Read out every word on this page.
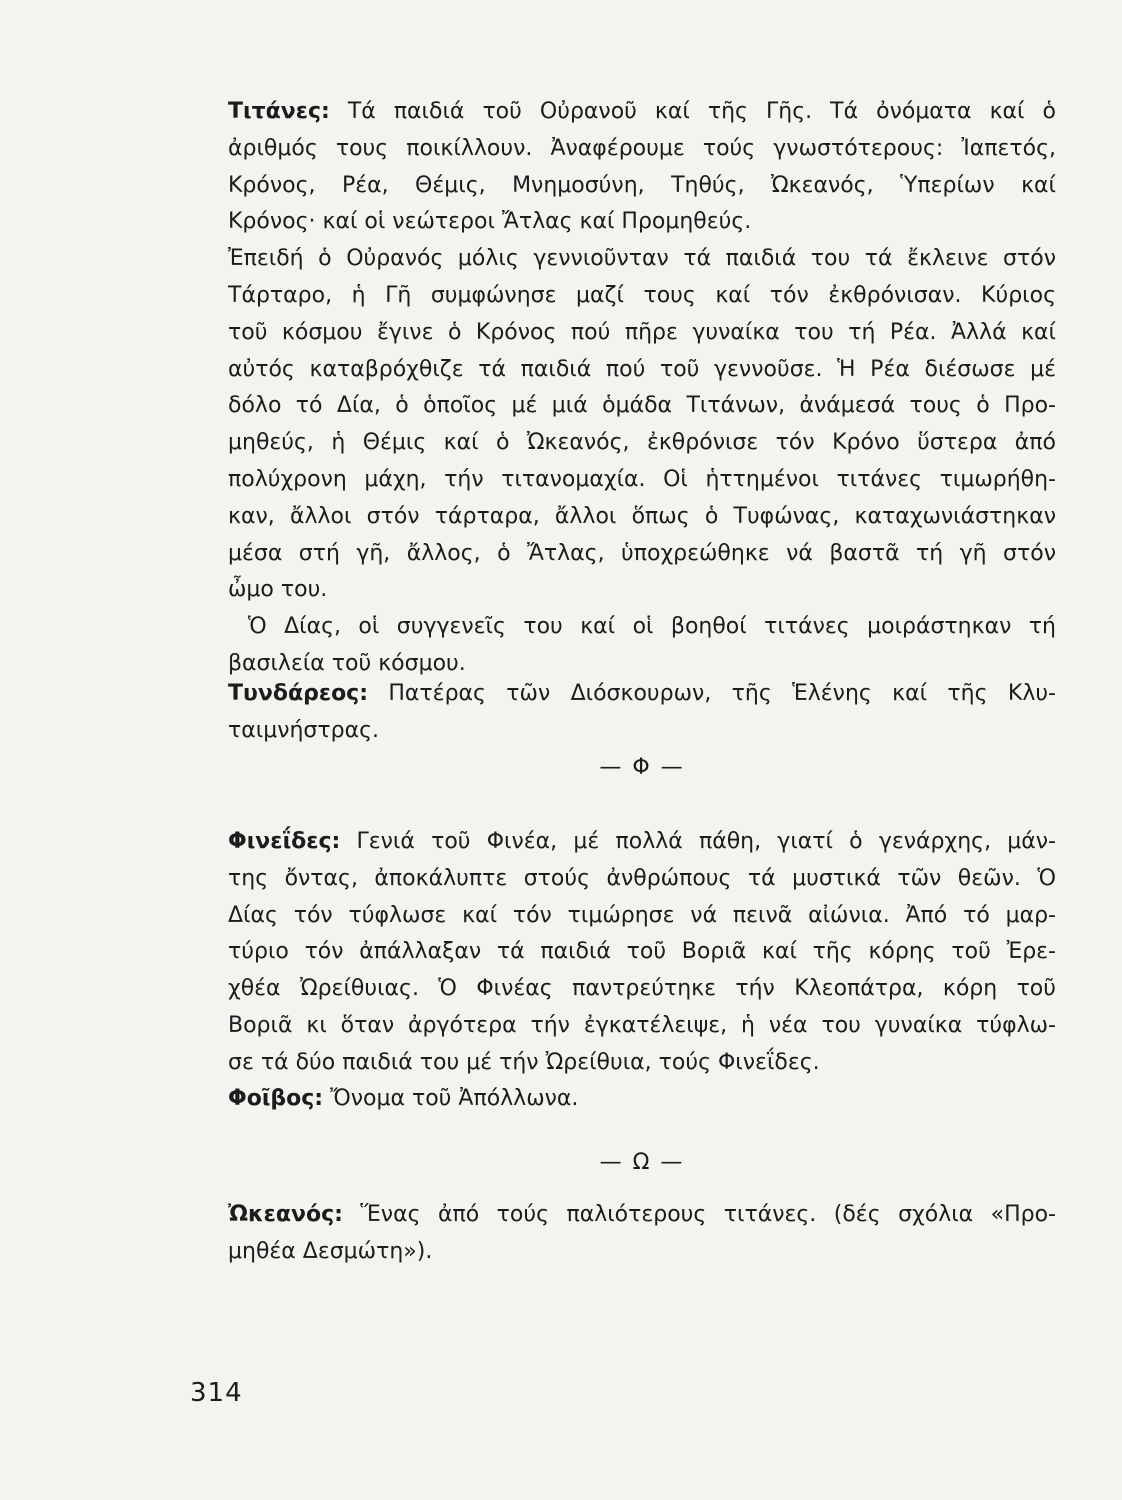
Τιτάνες: Τά παιδιά τοῦ Οὐρανοῦ καί τῆς Γῆς. Τά ὀνόματα καί ὁ
ἀριθμός τους ποικίλλουν. Ἀναφέρουμε τούς γνωστότερους: Ἰαπετός,
Κρόνος, Ρέα, Θέμις, Μνημοσύνη, Τηθύς, Ὠκεανός, Ὑπερίων καί
Κρόνος· καί οἱ νεώτεροι Ἄτλας καί Προμηθεύς.
Ἐπειδή ὁ Οὐρανός μόλις γεννιοῦνταν τά παιδιά του τά ἔκλεινε στόν
Τάρταρο, ἡ Γῆ συμφώνησε μαζί τους καί τόν ἐκθρόνισαν. Κύριος
τοῦ κόσμου ἔγινε ὁ Κρόνος πού πῆρε γυναίκα του τή Ρέα. Ἀλλά καί
αὐτός καταβρόχθιζε τά παιδιά πού τοῦ γεννοῦσε. Ἡ Ρέα διέσωσε μέ
δόλο τό Δία, ὁ ὁποῖος μέ μιά ὁμάδα Τιτάνων, ἀνάμεσά τους ὁ Προ-
μηθεύς, ἡ Θέμις καί ὁ Ὠκεανός, ἐκθρόνισε τόν Κρόνο ὕστερα ἀπό
πολύχρονη μάχη, τήν τιτανομαχία. Οἱ ἡττημένοι τιτάνες τιμωρήθη-
καν, ἄλλοι στόν τάρταρα, ἄλλοι ὅπως ὁ Τυφώνας, καταχωνιάστηκαν
μέσα στή γῆ, ἄλλος, ὁ Ἄτλας, ὑποχρεώθηκε νά βαστᾶ τή γῆ στόν
ὦμο του.
Ὁ Δίας, οἱ συγγενεῖς του καί οἱ βοηθοί τιτάνες μοιράστηκαν τή
βασιλεία τοῦ κόσμου.
Τυνδάρεος: Πατέρας τῶν Διόσκουρων, τῆς Ἑλένης καί τῆς Κλυ-
ταιμνήστρας.
— Φ —
Φινεΐδες: Γενιά τοῦ Φινέα, μέ πολλά πάθη, γιατί ὁ γενάρχης, μάν-
της ὄντας, ἀποκάλυπτε στούς ἀνθρώπους τά μυστικά τῶν θεῶν. Ὁ
Δίας τόν τύφλωσε καί τόν τιμώρησε νά πεινᾶ αἰώνια. Ἀπό τό μαρ-
τύριο τόν ἀπάλλαξαν τά παιδιά τοῦ Βοριᾶ καί τῆς κόρης τοῦ Ἐρε-
χθέα Ὠρείθυιας. Ὁ Φινέας παντρεύτηκε τήν Κλεοπάτρα, κόρη τοῦ
Βοριᾶ κι ὅταν ἀργότερα τήν ἐγκατέλειψε, ἡ νέα του γυναίκα τύφλω-
σε τά δύο παιδιά του μέ τήν Ὠρείθυια, τούς Φινεΐδες.
Φοῖβος: Ὄνομα τοῦ Ἀπόλλωνα.
— Ω —
Ὠκεανός: Ἕνας ἀπό τούς παλιότερους τιτάνες. (δές σχόλια «Προ-
μηθέα Δεσμώτη»).
314
